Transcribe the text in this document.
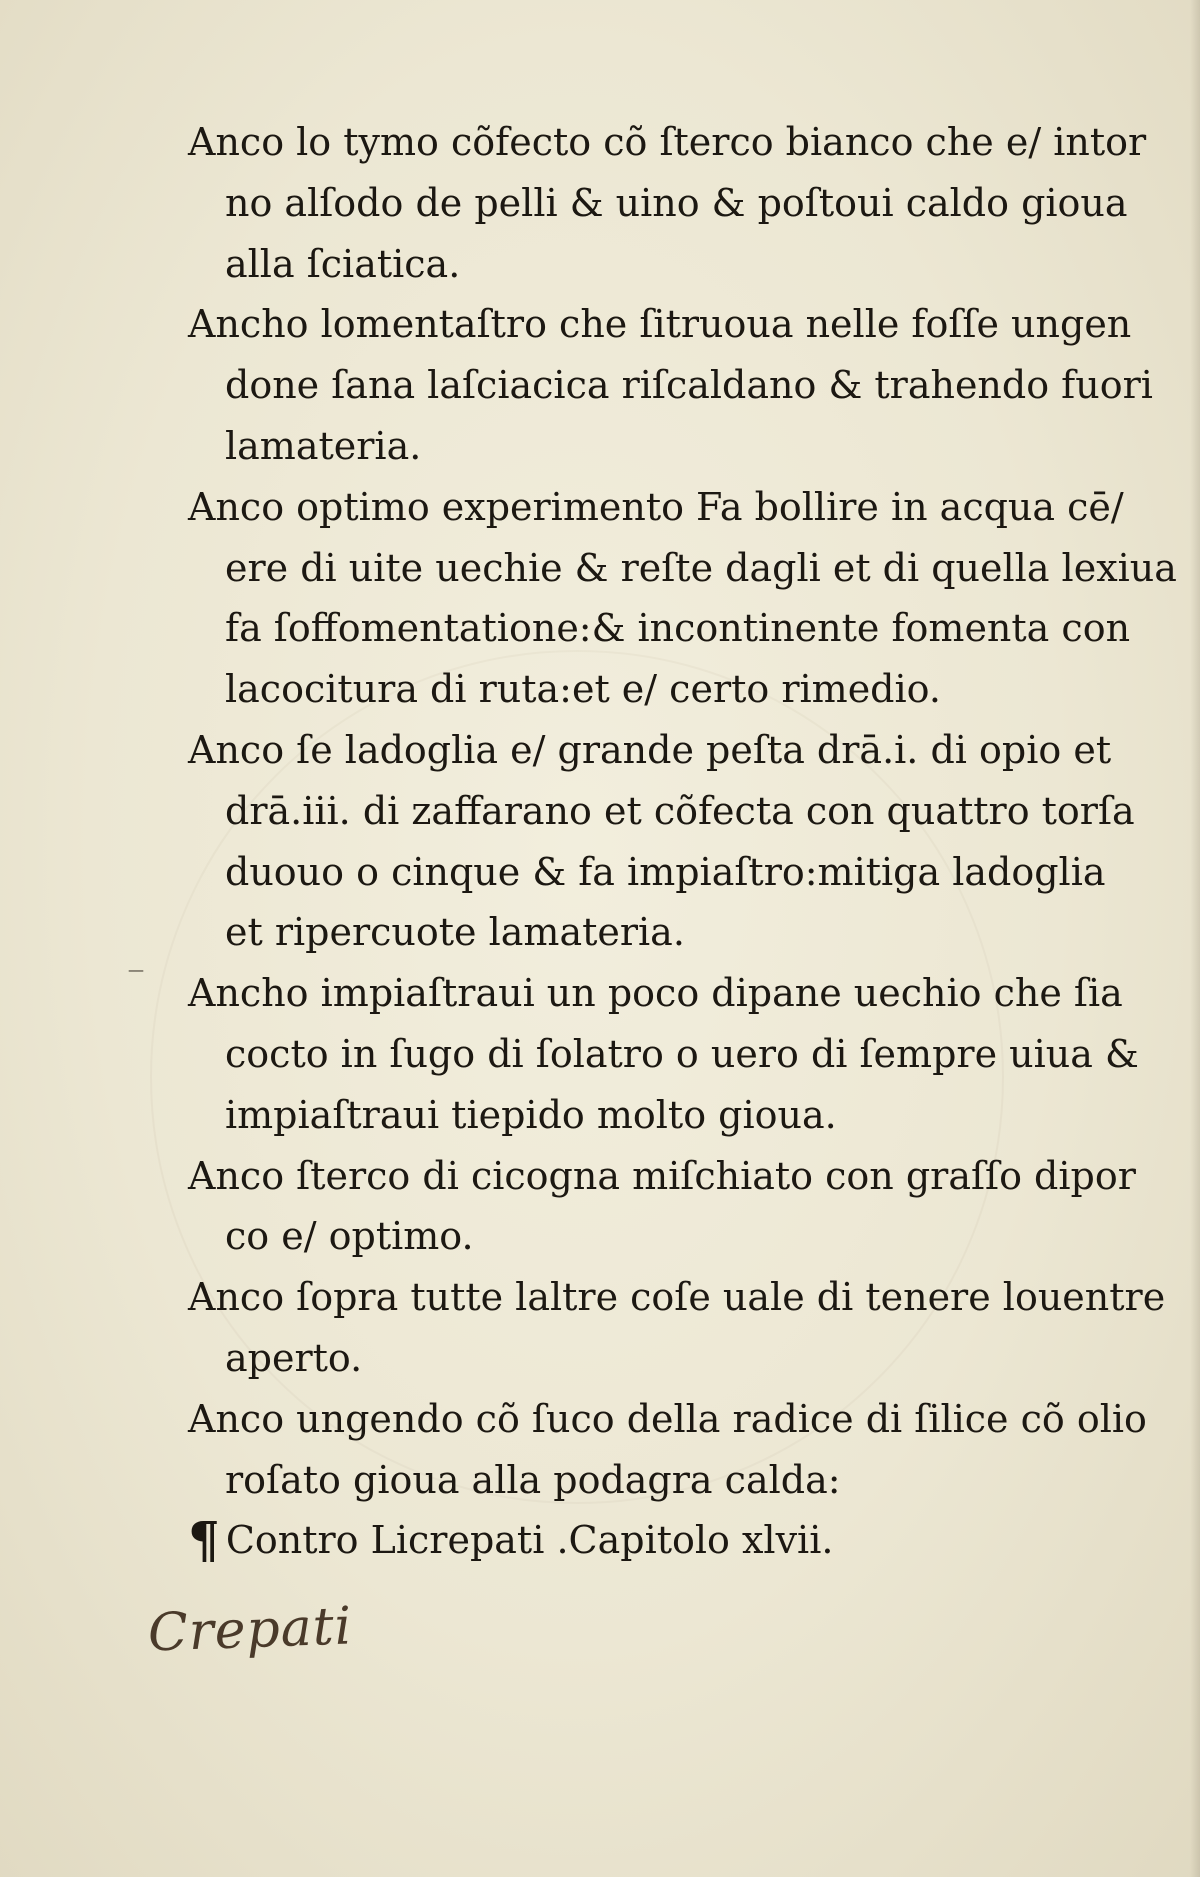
Anco lo tymo cõfecto cõ ſterco bianco che e/ intor
no alſodo de pelli & uino & poſtoui caldo gioua
alla ſciatica.
Ancho lomentaſtro che ſitruoua nelle foſſe ungen
done ſana laſciacica riſcaldano & trahendo fuori
lamateria.
Anco optimo experimento Fa bollire in acqua cē/
ere di uite uechie & reſte dagli et di quella lexiua
fa ſoffomentatione:& incontinente fomenta con
lacocitura di ruta:et e/ certo rimedio.
Anco ſe ladoglia e/ grande peſta drā.i. di opio et
drā.iii. di zaffarano et cõfecta con quattro torſa
duouo o cinque & fa impiaſtro:mitiga ladoglia
et ripercuote lamateria.
Ancho impiaſtraui un poco dipane uechio che ſia
cocto in ſugo di ſolatro o uero di ſempre uiua &
impiaſtraui tiepido molto gioua.
Anco ſterco di cicogna miſchiato con graſſo dipor
co e/ optimo.
Anco ſopra tutte laltre coſe uale di tenere louentre
aperto.
Anco ungendo cõ ſuco della radice di ſilice cõ olio
roſato gioua alla podagra calda:
¶ Contro Licrepati .Capitolo xlvii.
—
Crepati
